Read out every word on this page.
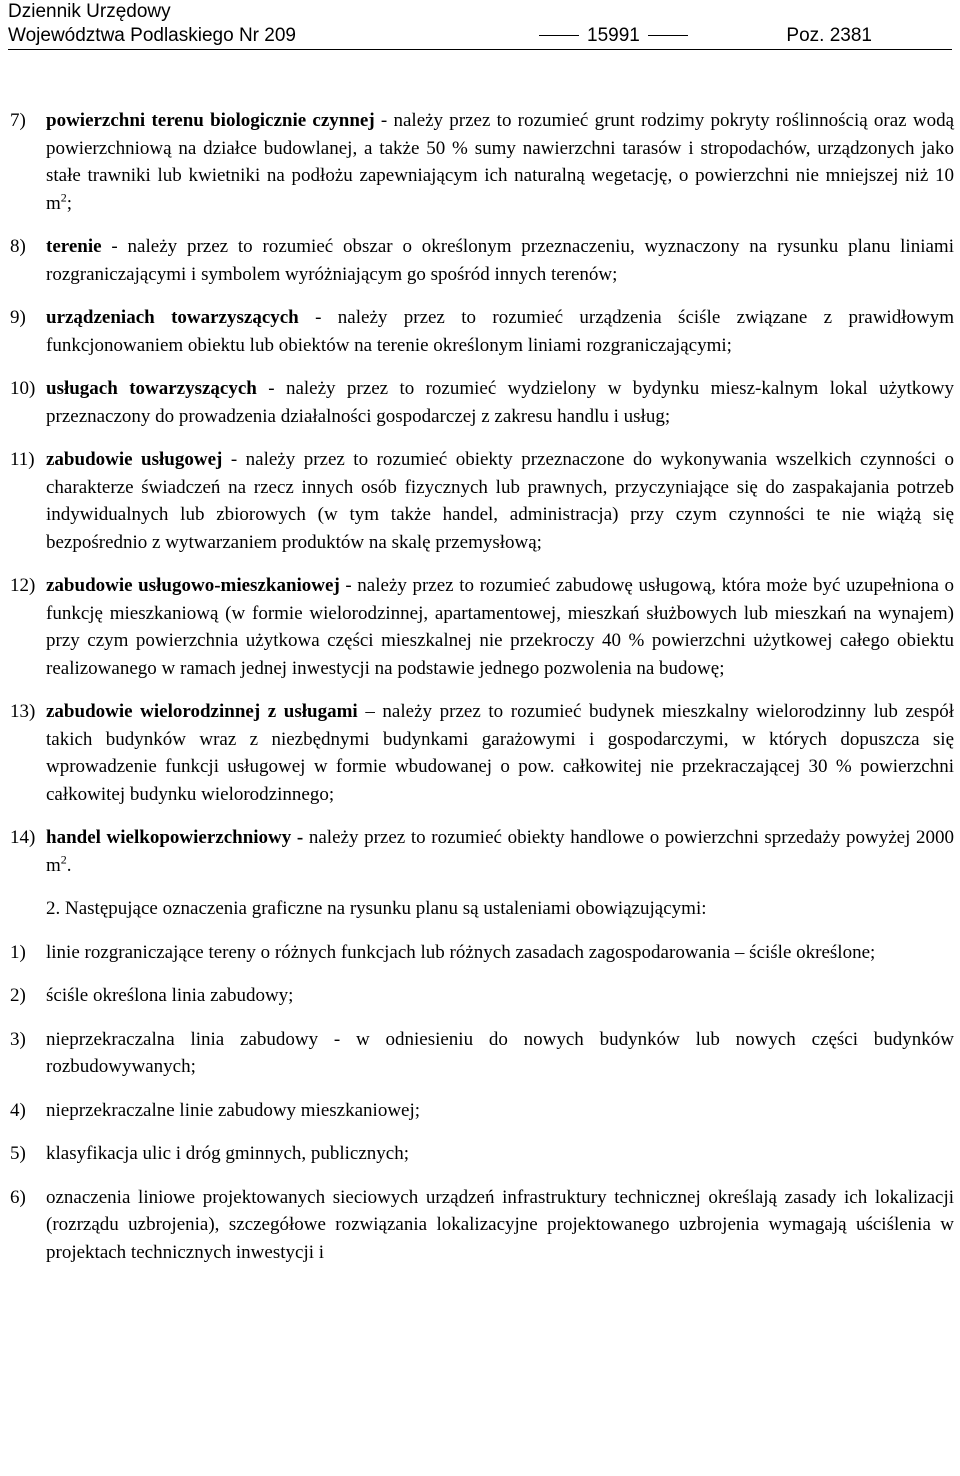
Dziennik Urzędowy
Województwa Podlaskiego Nr 209	15991	Poz. 2381
7) powierzchni terenu biologicznie czynnej - należy przez to rozumieć grunt rodzimy pokryty roślinnością oraz wodą powierzchniową na działce budowlanej, a także 50 % sumy nawierzchni tarasów i stropodachów, urządzonych jako stałe trawniki lub kwietniki na podłożu zapewniającym ich naturalną wegetację, o powierzchni nie mniejszej niż 10 $m^2$;
8) terenie - należy przez to rozumieć obszar o określonym przeznaczeniu, wyznaczony na rysunku planu liniami rozgraniczającymi i symbolem wyróżniającym go spośród innych terenów;
9) urządzeniach towarzyszących - należy przez to rozumieć urządzenia ściśle związane z prawidłowym funkcjonowaniem obiektu lub obiektów na terenie określonym liniami rozgraniczającymi;
10) usługach towarzyszących - należy przez to rozumieć wydzielony w bydynku miesz-kalnym lokal użytkowy przeznaczony do prowadzenia działalności gospodarczej z zakresu handlu i usług;
11) zabudowie usługowej - należy przez to rozumieć obiekty przeznaczone do wykonywania wszelkich czynności o charakterze świadczeń na rzecz innych osób fizycznych lub prawnych, przyczyniające się do zaspakajania potrzeb indywidualnych lub zbiorowych (w tym także handel, administracja) przy czym czynności te nie wiążą się bezpośrednio z wytwarzaniem produktów na skalę przemysłową;
12) zabudowie usługowo-mieszkaniowej - należy przez to rozumieć zabudowę usługową, która może być uzupełniona o funkcję mieszkaniową (w formie wielorodzinnej, apartamentowej, mieszkań służbowych lub mieszkań na wynajem) przy czym powierzchnia użytkowa części mieszkalnej nie przekroczy 40 % powierzchni użytkowej całego obiektu realizowanego w ramach jednej inwestycji na podstawie jednego pozwolenia na budowę;
13) zabudowie wielorodzinnej z usługami – należy przez to rozumieć budynek mieszkalny wielorodzinny lub zespół takich budynków wraz z niezbędnymi budynkami garażowymi i gospodarczymi, w których dopuszcza się wprowadzenie funkcji usługowej w formie wbudowanej o pow. całkowitej nie przekraczającej 30 % powierzchni całkowitej budynku wielorodzinnego;
14) handel wielkopowierzchniowy - należy przez to rozumieć obiekty handlowe o powierzchni sprzedaży powyżej 2000 $m^2$.
2. Następujące oznaczenia graficzne na rysunku planu są ustaleniami obowiązującymi:
1) linie rozgraniczające tereny o różnych funkcjach lub różnych zasadach zagospodarowania – ściśle określone;
2) ściśle określona linia zabudowy;
3) nieprzekraczalna linia zabudowy - w odniesieniu do nowych budynków lub nowych części budynków rozbudowywanych;
4) nieprzekraczalne linie zabudowy mieszkaniowej;
5) klasyfikacja ulic i dróg gminnych, publicznych;
6) oznaczenia liniowe projektowanych sieciowych urządzeń infrastruktury technicznej określają zasady ich lokalizacji (rozrządu uzbrojenia), szczegółowe rozwiązania lokalizacyjne projektowanego uzbrojenia wymagają uściślenia w projektach technicznych inwestycji i
